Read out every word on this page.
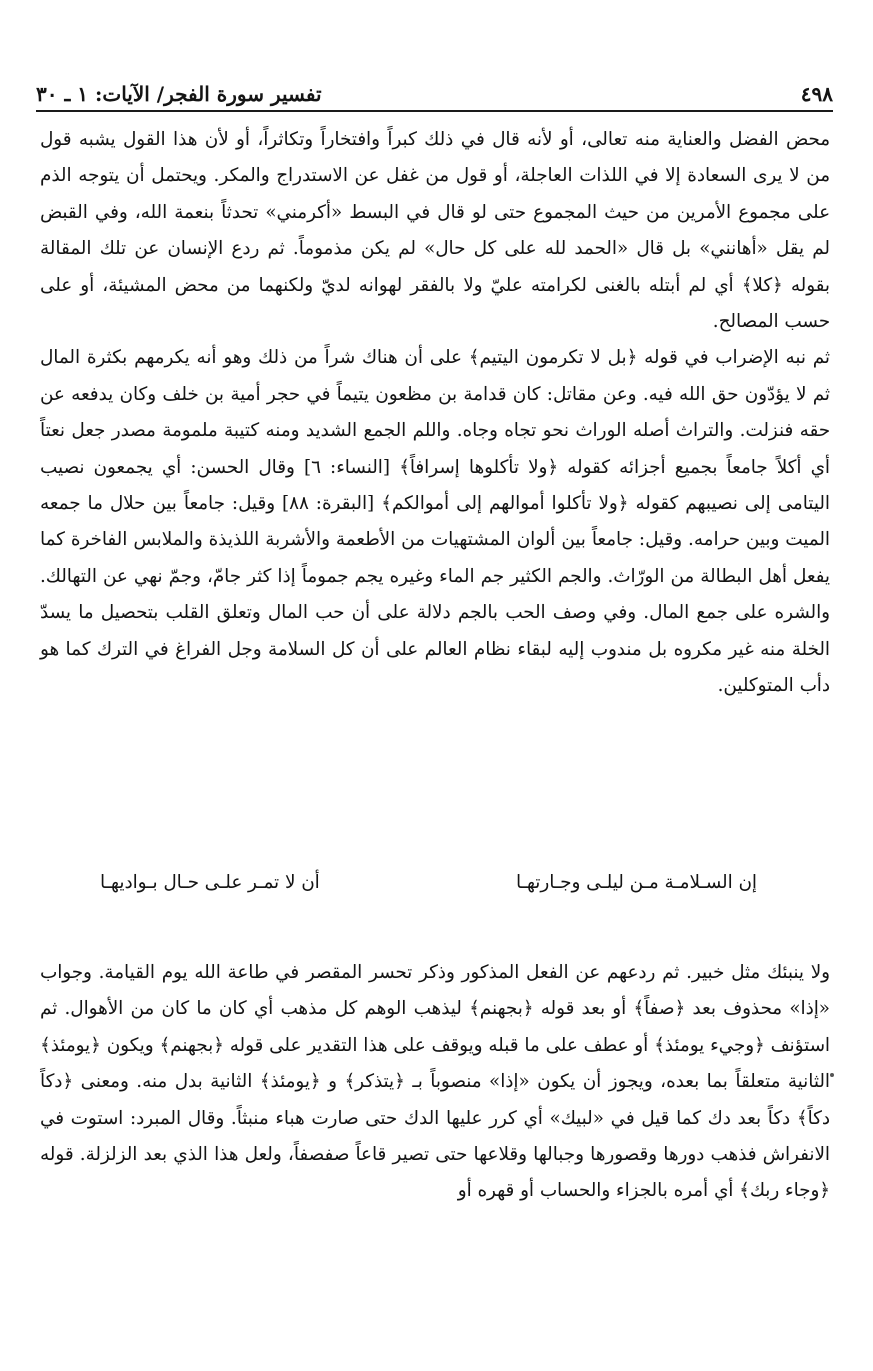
٤٩٨
تفسير سورة الفجر/ الآيات: ١ ـ ٣٠

محض الفضل والعناية منه تعالى، أو لأنه قال في ذلك كبراً وافتخاراً وتكاثراً، أو لأن هذا القول يشبه قول من لا يرى السعادة إلا في اللذات العاجلة، أو قول من غفل عن الاستدراج والمكر. ويحتمل أن يتوجه الذم على مجموع الأمرين من حيث المجموع حتى لو قال في البسط «أكرمني» تحدثاً بنعمة الله، وفي القبض لم يقل «أهانني» بل قال «الحمد لله على كل حال» لم يكن مذموماً. ثم ردع الإنسان عن تلك المقالة بقوله ﴿كلا﴾ أي لم أبتله بالغنى لكرامته عليّ ولا بالفقر لهوانه لديّ ولكنهما من محض المشيئة، أو على حسب المصالح.

ثم نبه الإضراب في قوله ﴿بل لا تكرمون اليتيم﴾ على أن هناك شراً من ذلك وهو أنه يكرمهم بكثرة المال ثم لا يؤدّون حق الله فيه. وعن مقاتل: كان قدامة بن مظعون يتيماً في حجر أمية بن خلف وكان يدفعه عن حقه فنزلت. والتراث أصله الوراث نحو تجاه وجاه. واللم الجمع الشديد ومنه كتيبة ملمومة مصدر جعل نعتاً أي أكلاً جامعاً بجميع أجزائه كقوله ﴿ولا تأكلوها إسرافاً﴾ [النساء: ٦] وقال الحسن: أي يجمعون نصيب اليتامى إلى نصيبهم كقوله ﴿ولا تأكلوا أموالهم إلى أموالكم﴾ [البقرة: ٨٨] وقيل: جامعاً بين حلال ما جمعه الميت وبين حرامه. وقيل: جامعاً بين ألوان المشتهيات من الأطعمة والأشربة اللذيذة والملابس الفاخرة كما يفعل أهل البطالة من الورّاث. والجم الكثير جم الماء وغيره يجم جموماً إذا كثر جامّ، وجمّ نهي عن التهالك. والشره على جمع المال. وفي وصف الحب بالجم دلالة على أن حب المال وتعلق القلب بتحصيل ما يسدّ الخلة منه غير مكروه بل مندوب إليه لبقاء نظام العالم على أن كل السلامة وجل الفراغ في الترك كما هو دأب المتوكلين.

إن السـلامـة مـن ليلـى وجـارتهـا
أن لا تمـر علـى حـال بـواديهـا

ولا ينبئك مثل خبير. ثم ردعهم عن الفعل المذكور وذكر تحسر المقصر في طاعة الله يوم القيامة. وجواب «إذا» محذوف بعد ﴿صفاً﴾ أو بعد قوله ﴿بجهنم﴾ ليذهب الوهم كل مذهب أي كان ما كان من الأهوال. ثم استؤنف ﴿وجيء يومئذ﴾ أو عطف على ما قبله ويوقف على هذا التقدير على قوله ﴿بجهنم﴾ ويكون ﴿يومئذ﴾ الثانية متعلقاً بما بعده، ويجوز أن يكون «إذا» منصوباً بـ ﴿يتذكر﴾ و ﴿يومئذ﴾ الثانية بدل منه. ومعنى ﴿دكاً دكاً﴾ دكاً بعد دك كما قيل في «لبيك» أي كرر عليها الدك حتى صارت هباء منبثاً. وقال المبرد: استوت في الانفراش فذهب دورها وقصورها وجبالها وقلاعها حتى تصير قاعاً صفصفاً، ولعل هذا الذي بعد الزلزلة. قوله ﴿وجاء ربك﴾ أي أمره بالجزاء والحساب أو قهره أو
